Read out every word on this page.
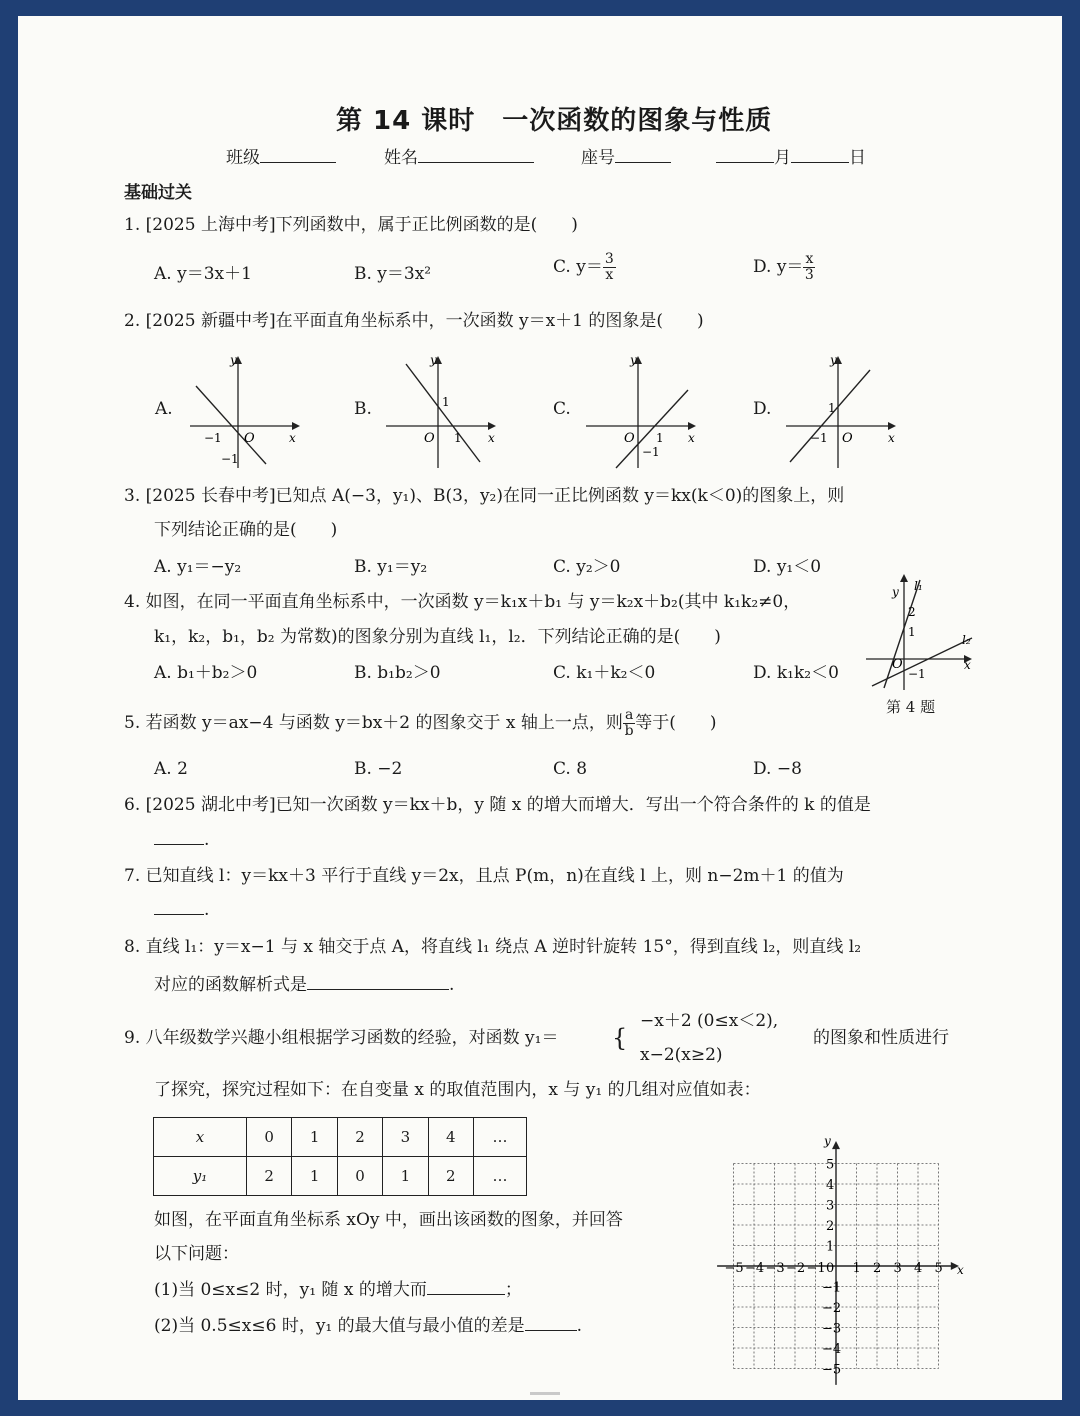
第 14 课时　一次函数的图象与性质
班级	姓名	座号	月	日
基础过关
1. [2025 上海中考]下列函数中，属于正比例函数的是(　　)
A. y＝3x＋1	B. y＝3x²	C. $y= \frac{3}{x}$	D. $y= \frac{x}{3}$
2. [2025 新疆中考]在平面直角坐标系中，一次函数 y＝x＋1 的图象是(　　)
A.
y
x
O
−1
−1
B.
y
x
O
1
1
C.
y
x
O 1
−1
D.
y
x
O
1
−1
3. [2025 长春中考]已知点 A(−3，y₁)、B(3，y₂)在同一正比例函数 y＝kx(k＜0)的图象上，则
下列结论正确的是(　　)
A. y₁＝−y₂	B. y₁＝y₂	C. y₂＞0	D. y₁＜0
4. 如图，在同一平面直角坐标系中，一次函数 y＝k₁x＋b₁ 与 y＝k₂x＋b₂(其中 k₁k₂≠0，
k₁，k₂，b₁，b₂ 为常数)的图象分别为直线 l₁，l₂．下列结论正确的是(　　)
A. b₁＋b₂＞0	B. b₁b₂＞0	C. k₁＋k₂＜0	D. k₁k₂＜0
y
x
O
2
1
−1
l₁
l₂
第 4 题
5. 若函数 y＝ax−4 与函数 y＝bx＋2 的图象交于 x 轴上一点，则 $\frac{a}{b}$ 等于(　　)
A. 2	B. −2	C. 8	D. −8
6. [2025 湖北中考]已知一次函数 y＝kx＋b，y 随 x 的增大而增大．写出一个符合条件的 k 的值是
.
7. 已知直线 l：y＝kx＋3 平行于直线 y＝2x，且点 P(m，n)在直线 l 上，则 n−2m＋1 的值为
.
8. 直线 l₁：y＝x−1 与 x 轴交于点 A，将直线 l₁ 绕点 A 逆时针旋转 15°，得到直线 l₂，则直线 l₂
对应的函数解析式是	.
9. 八年级数学兴趣小组根据学习函数的经验，对函数 y₁＝ {
−x＋2 (0≤x＜2),
x−2(x≥2)
的图象和性质进行
了探究，探究过程如下：在自变量 x 的取值范围内，x 与 y₁ 的几组对应值如表：
x	0	1	2	3	4	…
y₁	2	1	0	1	2	…
如图，在平面直角坐标系 xOy 中，画出该函数的图象，并回答
以下问题：
(1)当 0≤x≤2 时，y₁ 随 x 的增大而	；
(2)当 0.5≤x≤6 时，y₁ 的最大值与最小值的差是	.
x
y
−5
−5
−4
−4
−3
−3
−2
−2
−1
−1
1
1
2
2
3
3
4
4
5
5
0
